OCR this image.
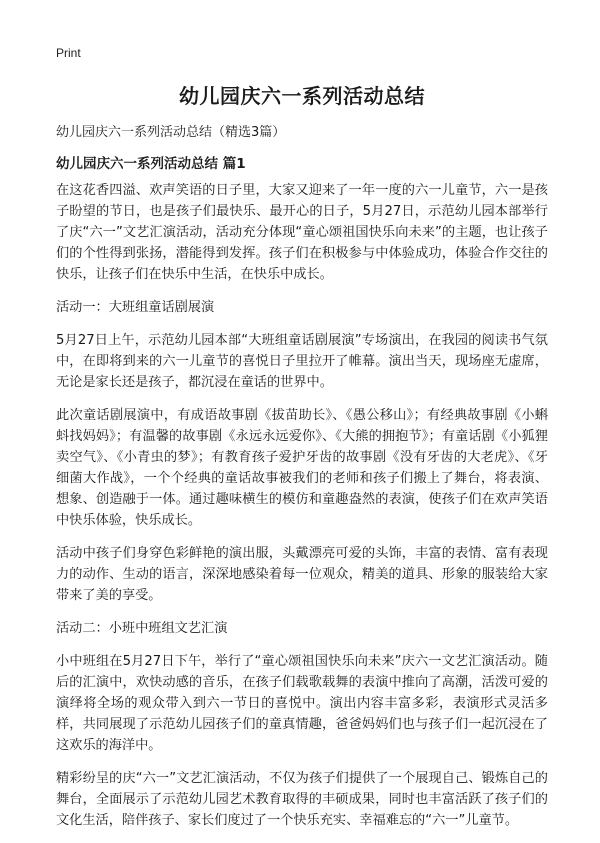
Print
幼儿园庆六一系列活动总结

幼儿园庆六一系列活动总结（精选3篇）

幼儿园庆六一系列活动总结 篇1

在这花香四溢、欢声笑语的日子里，大家又迎来了一年一度的六一儿童节，六一是孩子盼望的节日，也是孩子们最快乐、最开心的日子，5月27日，示范幼儿园本部举行了庆“六一”文艺汇演活动，活动充分体现“童心颂祖国快乐向未来”的主题，也让孩子们的个性得到张扬，潜能得到发挥。孩子们在积极参与中体验成功，体验合作交往的快乐，让孩子们在快乐中生活，在快乐中成长。

活动一：大班组童话剧展演

5月27日上午，示范幼儿园本部“大班组童话剧展演”专场演出，在我园的阅读书气氛中，在即将到来的六一儿童节的喜悦日子里拉开了帷幕。演出当天，现场座无虚席，无论是家长还是孩子，都沉浸在童话的世界中。

此次童话剧展演中，有成语故事剧《拔苗助长》、《愚公移山》；有经典故事剧《小蝌蚪找妈妈》；有温馨的故事剧《永远永远爱你》、《大熊的拥抱节》；有童话剧《小狐狸卖空气》、《小青虫的梦》；有教育孩子爱护牙齿的故事剧《没有牙齿的大老虎》、《牙细菌大作战》，一个个经典的童话故事被我们的老师和孩子们搬上了舞台，将表演、想象、创造融于一体。通过趣味横生的模仿和童趣盎然的表演，使孩子们在欢声笑语中快乐体验，快乐成长。

活动中孩子们身穿色彩鲜艳的演出服，头戴漂亮可爱的头饰，丰富的表情、富有表现力的动作、生动的语言，深深地感染着每一位观众，精美的道具、形象的服装给大家带来了美的享受。

活动二：小班中班组文艺汇演

小中班组在5月27日下午，举行了“童心颂祖国快乐向未来”庆六一文艺汇演活动。随后的汇演中，欢快动感的音乐，在孩子们载歌载舞的表演中推向了高潮，活泼可爱的演绎将全场的观众带入到六一节日的喜悦中。演出内容丰富多彩，表演形式灵活多样，共同展现了示范幼儿园孩子们的童真情趣，爸爸妈妈们也与孩子们一起沉浸在了这欢乐的海洋中。

精彩纷呈的庆“六一”文艺汇演活动，不仅为孩子们提供了一个展现自己、锻炼自己的舞台，全面展示了示范幼儿园艺术教育取得的丰硕成果，同时也丰富活跃了孩子们的文化生活，陪伴孩子、家长们度过了一个快乐充实、幸福难忘的“六一”儿童节。
